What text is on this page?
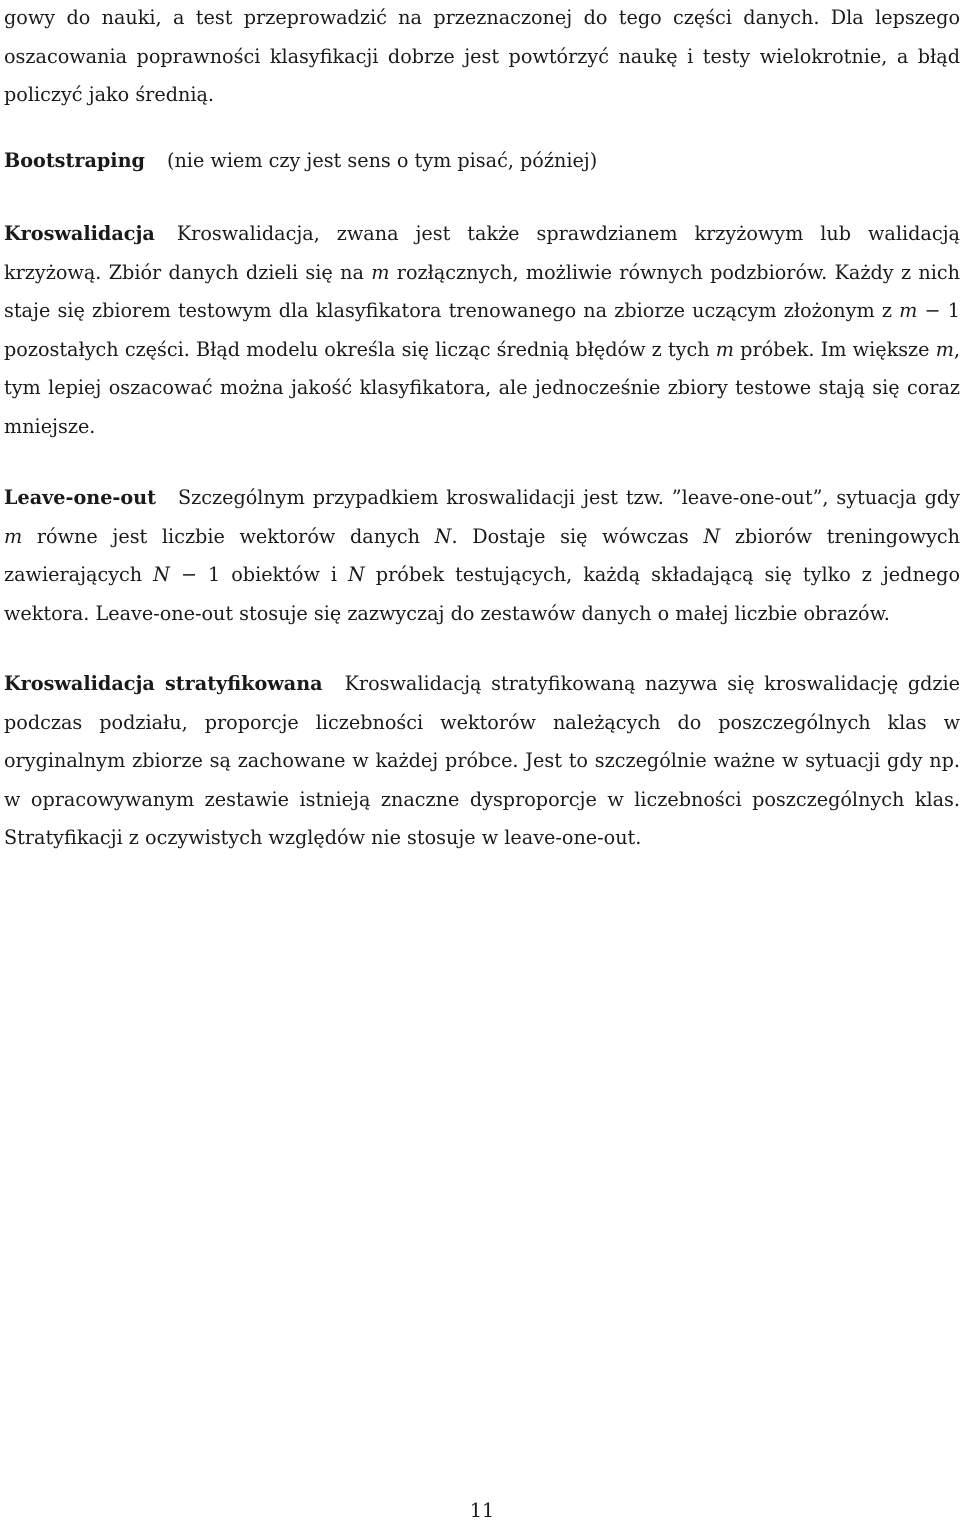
gowy do nauki, a test przeprowadzić na przeznaczonej do tego części danych. Dla lepszego oszacowania poprawności klasyfikacji dobrze jest powtórzyć naukę i testy wielokrotnie, a błąd policzyć jako średnią.

Bootstraping (nie wiem czy jest sens o tym pisać, później)

Kroswalidacja Kroswalidacja, zwana jest także sprawdzianem krzyżowym lub walidacją krzyżową. Zbiór danych dzieli się na m rozłącznych, możliwie równych podzbiorów. Każdy z nich staje się zbiorem testowym dla klasyfikatora trenowanego na zbiorze uczącym złożonym z m − 1 pozostałych części. Błąd modelu określa się licząc średnią błędów z tych m próbek. Im większe m, tym lepiej oszacować można jakość klasyfikatora, ale jednocześnie zbiory testowe stają się coraz mniejsze.

Leave-one-out Szczególnym przypadkiem kroswalidacji jest tzw. ”leave-one-out”, sytuacja gdy m równe jest liczbie wektorów danych N. Dostaje się wówczas N zbiorów treningowych zawierających N − 1 obiektów i N próbek testujących, każdą składającą się tylko z jednego wektora. Leave-one-out stosuje się zazwyczaj do zestawów danych o małej liczbie obrazów.

Kroswalidacja stratyfikowana Kroswalidacją stratyfikowaną nazywa się kroswalidację gdzie podczas podziału, proporcje liczebności wektorów należących do poszczególnych klas w oryginalnym zbiorze są zachowane w każdej próbce. Jest to szczególnie ważne w sytuacji gdy np. w opracowywanym zestawie istnieją znaczne dysproporcje w liczebności poszczególnych klas. Stratyfikacji z oczywistych względów nie stosuje w leave-one-out.

11
